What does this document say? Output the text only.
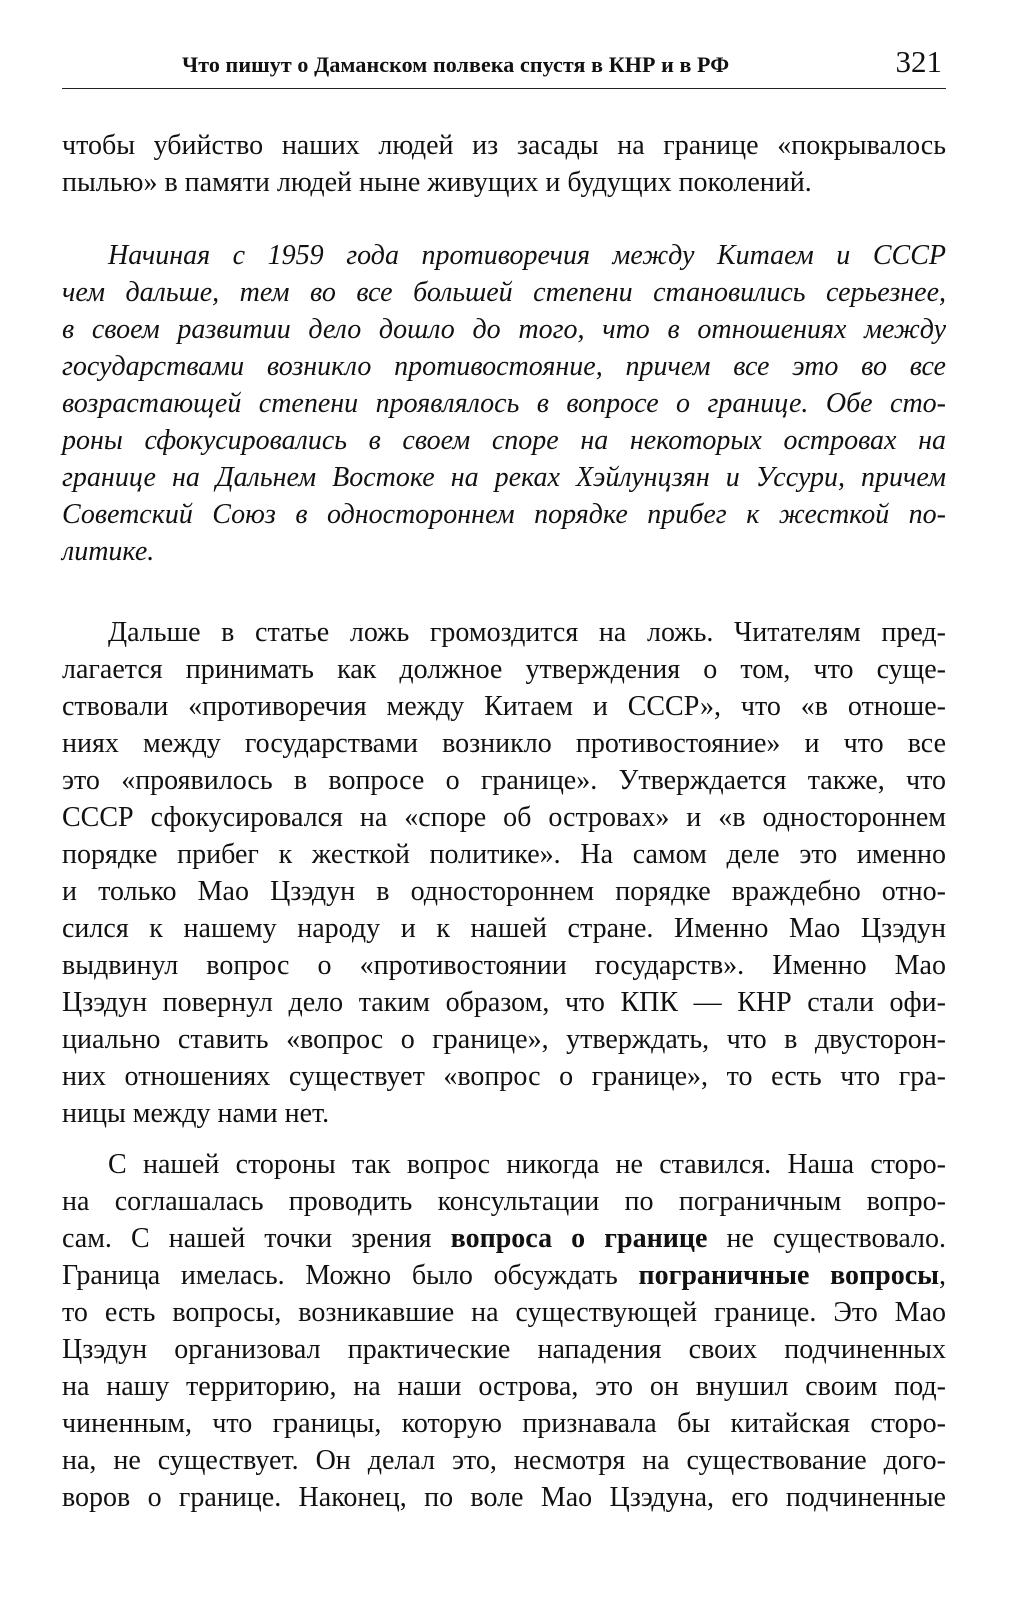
Что пишут о Даманском полвека спустя в КНР и в РФ	321
чтобы убийство наших людей из засады на границе «покрывалось
пылью» в памяти людей ныне живущих и будущих поколений.
Начиная с 1959 года противоречия между Китаем и СССР
чем дальше, тем во все большей степени становились серьезнее,
в своем развитии дело дошло до того, что в отношениях между
государствами возникло противостояние, причем все это во все
возрастающей степени проявлялось в вопросе о границе. Обе сто-
роны сфокусировались в своем споре на некоторых островах на
границе на Дальнем Востоке на реках Хэйлунцзян и Уссури, причем
Советский Союз в одностороннем порядке прибег к жесткой по-
литике.
Дальше в статье ложь громоздится на ложь. Читателям пред-
лагается принимать как должное утверждения о том, что суще-
ствовали «противоречия между Китаем и СССР», что «в отноше-
ниях между государствами возникло противостояние» и что все
это «проявилось в вопросе о границе». Утверждается также, что
СССР сфокусировался на «споре об островах» и «в одностороннем
порядке прибег к жесткой политике». На самом деле это именно
и только Мао Цзэдун в одностороннем порядке враждебно отно-
сился к нашему народу и к нашей стране. Именно Мао Цзэдун
выдвинул вопрос о «противостоянии государств». Именно Мао
Цзэдун повернул дело таким образом, что КПК — КНР стали офи-
циально ставить «вопрос о границе», утверждать, что в двусторон-
них отношениях существует «вопрос о границе», то есть что гра-
ницы между нами нет.
С нашей стороны так вопрос никогда не ставился. Наша сторо-
на соглашалась проводить консультации по пограничным вопро-
сам. С нашей точки зрения вопроса о границе не существовало.
Граница имелась. Можно было обсуждать пограничные вопросы,
то есть вопросы, возникавшие на существующей границе. Это Мао
Цзэдун организовал практические нападения своих подчиненных
на нашу территорию, на наши острова, это он внушил своим под-
чиненным, что границы, которую признавала бы китайская сторо-
на, не существует. Он делал это, несмотря на существование дого-
воров о границе. Наконец, по воле Мао Цзэдуна, его подчиненные
